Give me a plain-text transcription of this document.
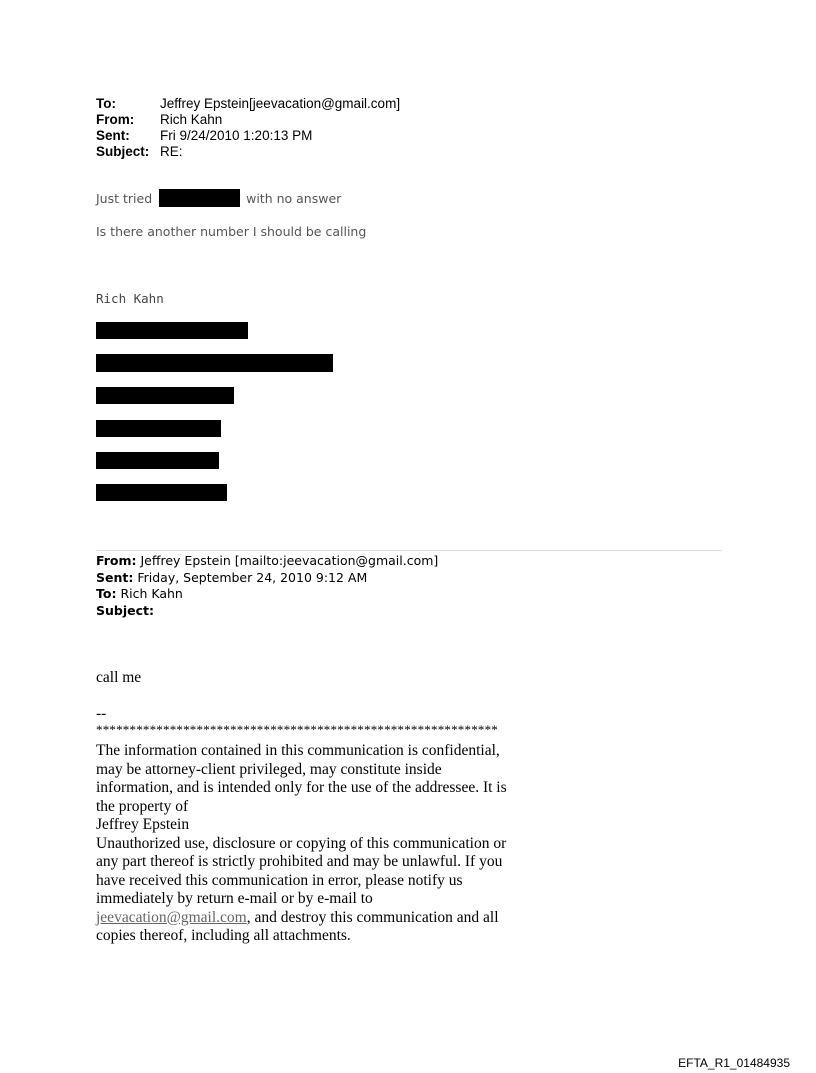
To:	Jeffrey Epstein[jeevacation@gmail.com]
From:	Rich Kahn
Sent:	Fri 9/24/2010 1:20:13 PM
Subject: RE:
Just tried	with no answer
Is there another number I should be calling
Rich Kahn
From: Jeffrey Epstein [mailto:jeevacation@gmail.com]
Sent: Friday, September 24, 2010 9:12 AM
To: Rich Kahn
Subject:
call me
--
************************************************************
The information contained in this communication is confidential, may be attorney-client privileged, may constitute inside information, and is intended only for the use of the addressee. It is the property of
Jeffrey Epstein
Unauthorized use, disclosure or copying of this communication or any part thereof is strictly prohibited and may be unlawful. If you have received this communication in error, please notify us immediately by return e-mail or by e-mail to jeevacation@gmail.com, and destroy this communication and all copies thereof, including all attachments.
EFTA_R1_01484935
